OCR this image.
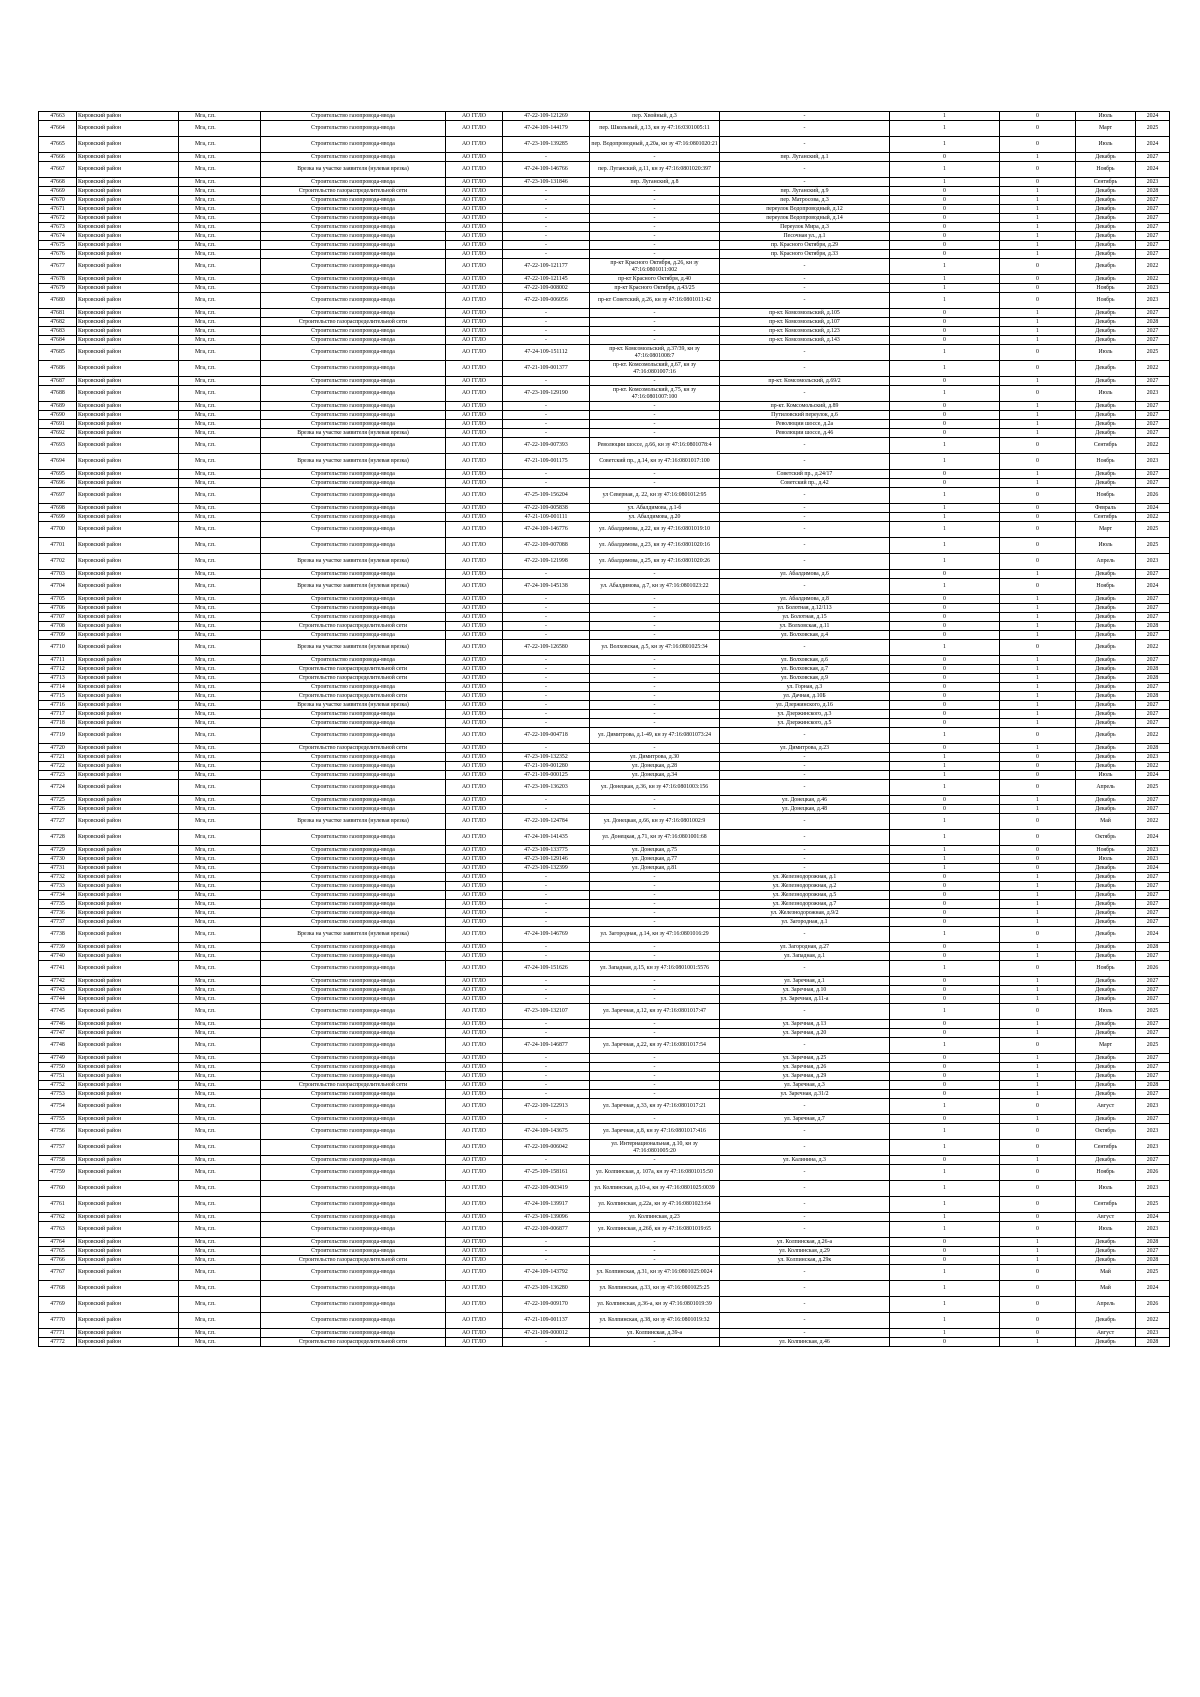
47663	Кировский район	Мгa, г.п.	Строительство газопровода-ввода	АО ГГЛО	47-22-109-121269	пер. Хвойный, д.3	-	1	0	Июль	2024
47664	Кировский район	Мгa, г.п.	Строительство газопровода-ввода	АО ГГЛО	47-24-109-144179	пер. Школьный, д.13, кн зу 47:16:0301005:11	-	1	0	Март	2025
47665	Кировский район	Мгa, г.п.	Строительство газопровода-ввода	АО ГГЛО	47-23-109-139285	пер. Водопроводный, д.20а, кн зу 47:16:0801020:21	-	1	0	Июль	2024
47666	Кировский район	Мгa, г.п.	Строительство газопровода-ввода	АО ГГЛО	-	-	пер. Луганский, д.1	0	1	Декабрь	2027
47667	Кировский район	Мгa, г.п.	Врезка на участке заявителя (нулевая врезка)	АО ГГЛО	47-24-109-146766	пер. Луганский, д.11, кн зу 47:16:0801020:397	-	1	0	Ноябрь	2024
47668	Кировский район	Мгa, г.п.	Строительство газопровода-ввода	АО ГГЛО	47-23-109-131846	пер. Луганский, д.8	-	1	0	Сентябрь	2023
47669	Кировский район	Мгa, г.п.	Строительство газораспределительной сети	АО ГГЛО	-	-	пер. Луганский, д.9	0	1	Декабрь	2028
47670	Кировский район	Мгa, г.п.	Строительство газопровода-ввода	АО ГГЛО	-	-	пер. Матросова, д.3	0	1	Декабрь	2027
47671	Кировский район	Мгa, г.п.	Строительство газопровода-ввода	АО ГГЛО	-	-	переулок Водопроводный, д.12	0	1	Декабрь	2027
47672	Кировский район	Мгa, г.п.	Строительство газопровода-ввода	АО ГГЛО	-	-	переулок Водопроводный, д.14	0	1	Декабрь	2027
47673	Кировский район	Мгa, г.п.	Строительство газопровода-ввода	АО ГГЛО	-	-	Переулок Мира, д.3	0	1	Декабрь	2027
47674	Кировский район	Мгa, г.п.	Строительство газопровода-ввода	АО ГГЛО	-	-	Песочная ул., д.1	0	1	Декабрь	2027
47675	Кировский район	Мгa, г.п.	Строительство газопровода-ввода	АО ГГЛО	-	-	пр. Красного Октября, д.29	0	1	Декабрь	2027
47676	Кировский район	Мгa, г.п.	Строительство газопровода-ввода	АО ГГЛО	-	-	пр. Красного Октября, д.33	0	1	Декабрь	2027
47677	Кировский район	Мгa, г.п.	Строительство газопровода-ввода	АО ГГЛО	47-22-109-121177	пр-кт Красного Октября, д.26, кн зу 47:16:0801011:002	-	1	0	Декабрь	2022
47678	Кировский район	Мгa, г.п.	Строительство газопровода-ввода	АО ГГЛО	47-22-109-121145	пр-кт Красного Октября, д.40	-	1	0	Декабрь	2022
47679	Кировский район	Мгa, г.п.	Строительство газопровода-ввода	АО ГГЛО	47-22-109-008002	пр-кт Красного Октября, д.43/25	-	1	0	Ноябрь	2023
47680	Кировский район	Мгa, г.п.	Строительство газопровода-ввода	АО ГГЛО	47-22-109-006056	пр-кт Советский, д.26, кн зу 47:16:0801011:42	-	1	0	Ноябрь	2023
47681	Кировский район	Мгa, г.п.	Строительство газопровода-ввода	АО ГГЛО	-	-	пр-кт. Комсомольский, д.105	0	1	Декабрь	2027
47682	Кировский район	Мгa, г.п.	Строительство газораспределительной сети	АО ГГЛО	-	-	пр-кт. Комсомольский, д.107	0	1	Декабрь	2028
47683	Кировский район	Мгa, г.п.	Строительство газопровода-ввода	АО ГГЛО	-	-	пр-кт. Комсомольский, д.123	0	1	Декабрь	2027
47684	Кировский район	Мгa, г.п.	Строительство газопровода-ввода	АО ГГЛО	-	-	пр-кт. Комсомольский, д.143	0	1	Декабрь	2027
47685	Кировский район	Мгa, г.п.	Строительство газопровода-ввода	АО ГГЛО	47-24-109-151112	пр-кт. Комсомольский, д.37/39, кн зу 47:16:0801008:7	-	1	0	Июль	2025
47686	Кировский район	Мгa, г.п.	Строительство газопровода-ввода	АО ГГЛО	47-21-109-001377	пр-кт. Комсомольский, д.67, кн зу 47:16:0801007:16	-	1	0	Декабрь	2022
47687	Кировский район	Мгa, г.п.	Строительство газопровода-ввода	АО ГГЛО	-	-	пр-кт. Комсомольский, д.69/2	0	1	Декабрь	2027
47688	Кировский район	Мгa, г.п.	Строительство газопровода-ввода	АО ГГЛО	47-23-109-129190	пр-кт. Комсомольский, д.75, кн зу 47:16:0801007:100	-	1	0	Июль	2023
47689	Кировский район	Мгa, г.п.	Строительство газопровода-ввода	АО ГГЛО	-	-	пр-кт. Комсомольский, д.89	0	1	Декабрь	2027
47690	Кировский район	Мгa, г.п.	Строительство газопровода-ввода	АО ГГЛО	-	-	Путиловский переулок, д.6	0	1	Декабрь	2027
47691	Кировский район	Мгa, г.п.	Строительство газопровода-ввода	АО ГГЛО	-	-	Революции шоссе, д.2а	0	1	Декабрь	2027
47692	Кировский район	Мгa, г.п.	Врезка на участке заявителя (нулевая врезка)	АО ГГЛО	-	-	Революции шоссе, д.46	0	1	Декабрь	2027
47693	Кировский район	Мгa, г.п.	Строительство газопровода-ввода	АО ГГЛО	47-22-109-007393	Революции шоссе, д.66, кн зу 47:16:0801078:4	-	1	0	Сентябрь	2022
47694	Кировский район	Мгa, г.п.	Врезка на участке заявителя (нулевая врезка)	АО ГГЛО	47-21-109-001175	Советский пр., д.14, кн зу 47:16:0801017:100	-	1	0	Ноябрь	2023
47695	Кировский район	Мгa, г.п.	Строительство газопровода-ввода	АО ГГЛО	-	-	Советский пр., д.24/17	0	1	Декабрь	2027
47696	Кировский район	Мгa, г.п.	Строительство газопровода-ввода	АО ГГЛО	-	-	Советский пр., д.42	0	1	Декабрь	2027
47697	Кировский район	Мгa, г.п.	Строительство газопровода-ввода	АО ГГЛО	47-25-109-156204	ул Северная, д. 22, кн зу 47:16:0801012:95	-	1	0	Ноябрь	2026
47698	Кировский район	Мгa, г.п.	Строительство газопровода-ввода	АО ГГЛО	47-22-109-005838	ул. Абалдимова, д.1-б	-	1	0	Февраль	2024
47699	Кировский район	Мгa, г.п.	Строительство газопровода-ввода	АО ГГЛО	47-21-109-001111	ул. Абалдимова, д.20	-	1	0	Сентябрь	2022
47700	Кировский район	Мгa, г.п.	Строительство газопровода-ввода	АО ГГЛО	47-24-109-146776	ул. Абалдимова, д.22, кн зу 47:16:0801019:10	-	1	0	Март	2025
47701	Кировский район	Мгa, г.п.	Строительство газопровода-ввода	АО ГГЛО	47-22-109-007088	ул. Абалдимова, д.23, кн зу 47:16:0801020:16	-	1	0	Июль	2025
47702	Кировский район	Мгa, г.п.	Врезка на участке заявителя (нулевая врезка)	АО ГГЛО	47-22-109-121998	ул. Абалдимова, д.25, кн зу 47:16:0801020:26	-	1	0	Апрель	2023
47703	Кировский район	Мгa, г.п.	Строительство газопровода-ввода	АО ГГЛО	-	-	ул. Абалдимова, д.6	0	1	Декабрь	2027
47704	Кировский район	Мгa, г.п.	Врезка на участке заявителя (нулевая врезка)	АО ГГЛО	47-24-109-145138	ул. Абалдимова, д.7, кн зу 47:16:0801023:22	-	1	0	Ноябрь	2024
47705	Кировский район	Мгa, г.п.	Строительство газопровода-ввода	АО ГГЛО	-	-	ул. Абалдимова, д.8	0	1	Декабрь	2027
47706	Кировский район	Мгa, г.п.	Строительство газопровода-ввода	АО ГГЛО	-	-	ул. Болотная, д.12/113	0	1	Декабрь	2027
47707	Кировский район	Мгa, г.п.	Строительство газопровода-ввода	АО ГГЛО	-	-	ул. Болотная, д.15	0	1	Декабрь	2027
47708	Кировский район	Мгa, г.п.	Строительство газораспределительной сети	АО ГГЛО	-	-	ул. Волховская, д.11	0	1	Декабрь	2028
47709	Кировский район	Мгa, г.п.	Строительство газопровода-ввода	АО ГГЛО	-	-	ул. Волховская, д.4	0	1	Декабрь	2027
47710	Кировский район	Мгa, г.п.	Врезка на участке заявителя (нулевая врезка)	АО ГГЛО	47-22-109-126580	ул. Волховская, д.5, кн зу 47:16:0801025:34	-	1	0	Декабрь	2022
47711	Кировский район	Мгa, г.п.	Строительство газопровода-ввода	АО ГГЛО	-	-	ул. Волховская, д.6	0	1	Декабрь	2027
47712	Кировский район	Мгa, г.п.	Строительство газораспределительной сети	АО ГГЛО	-	-	ул. Волховская, д.7	0	1	Декабрь	2028
47713	Кировский район	Мгa, г.п.	Строительство газораспределительной сети	АО ГГЛО	-	-	ул. Волховская, д.9	0	1	Декабрь	2028
47714	Кировский район	Мгa, г.п.	Строительство газопровода-ввода	АО ГГЛО	-	-	ул. Горная, д.3	0	1	Декабрь	2027
47715	Кировский район	Мгa, г.п.	Строительство газораспределительной сети	АО ГГЛО	-	-	ул. Дачная, д.10Б	0	1	Декабрь	2028
47716	Кировский район	Мгa, г.п.	Врезка на участке заявителя (нулевая врезка)	АО ГГЛО	-	-	ул. Дзержинского, д.16	0	1	Декабрь	2027
47717	Кировский район	Мгa, г.п.	Строительство газопровода-ввода	АО ГГЛО	-	-	ул. Дзержинского, д.3	0	1	Декабрь	2027
47718	Кировский район	Мгa, г.п.	Строительство газопровода-ввода	АО ГГЛО	-	-	ул. Дзержинского, д.5	0	1	Декабрь	2027
47719	Кировский район	Мгa, г.п.	Строительство газопровода-ввода	АО ГГЛО	47-22-109-004718	ул. Димитрова, д.1-49, кн зу 47:16:0801073:24	-	1	0	Декабрь	2022
47720	Кировский район	Мгa, г.п.	Строительство газораспределительной сети	АО ГГЛО	-	-	ул. Димитрова, д.23	0	1	Декабрь	2028
47721	Кировский район	Мгa, г.п.	Строительство газопровода-ввода	АО ГГЛО	47-23-109-132352	ул. Димитрова, д.30	-	1	0	Декабрь	2023
47722	Кировский район	Мгa, г.п.	Строительство газопровода-ввода	АО ГГЛО	47-21-109-001280	ул. Донецкая, д.28	-	1	0	Декабрь	2022
47723	Кировский район	Мгa, г.п.	Строительство газопровода-ввода	АО ГГЛО	47-21-109-000125	ул. Донецкая, д.34	-	1	0	Июль	2024
47724	Кировский район	Мгa, г.п.	Строительство газопровода-ввода	АО ГГЛО	47-23-109-136203	ул. Донецкая, д.36, кн зу 47:16:0801003:156	-	1	0	Апрель	2025
47725	Кировский район	Мгa, г.п.	Строительство газопровода-ввода	АО ГГЛО	-	-	ул. Донецкая, д.46	0	1	Декабрь	2027
47726	Кировский район	Мгa, г.п.	Строительство газопровода-ввода	АО ГГЛО	-	-	ул. Донецкая, д.48	0	1	Декабрь	2027
47727	Кировский район	Мгa, г.п.	Врезка на участке заявителя (нулевая врезка)	АО ГГЛО	47-22-109-124784	ул. Донецкая, д.66, кн зу 47:16:0801002:9	-	1	0	Май	2022
47728	Кировский район	Мгa, г.п.	Строительство газопровода-ввода	АО ГГЛО	47-24-109-141435	ул. Донецкая, д.71, кн зу 47:16:0801001:68	-	1	0	Октябрь	2024
47729	Кировский район	Мгa, г.п.	Строительство газопровода-ввода	АО ГГЛО	47-23-109-133775	ул. Донецкая, д.75	-	1	0	Ноябрь	2023
47730	Кировский район	Мгa, г.п.	Строительство газопровода-ввода	АО ГГЛО	47-23-109-129146	ул. Донецкая, д.77	-	1	0	Июль	2023
47731	Кировский район	Мгa, г.п.	Строительство газопровода-ввода	АО ГГЛО	47-23-109-132399	ул. Донецкая, д.81	-	1	0	Декабрь	2024
47732	Кировский район	Мгa, г.п.	Строительство газопровода-ввода	АО ГГЛО	-	-	ул. Железнодорожная, д.1	0	1	Декабрь	2027
47733	Кировский район	Мгa, г.п.	Строительство газопровода-ввода	АО ГГЛО	-	-	ул. Железнодорожная, д.2	0	1	Декабрь	2027
47734	Кировский район	Мгa, г.п.	Строительство газопровода-ввода	АО ГГЛО	-	-	ул. Железнодорожная, д.5	0	1	Декабрь	2027
47735	Кировский район	Мгa, г.п.	Строительство газопровода-ввода	АО ГГЛО	-	-	ул. Железнодорожная, д.7	0	1	Декабрь	2027
47736	Кировский район	Мгa, г.п.	Строительство газопровода-ввода	АО ГГЛО	-	-	ул. Железнодорожная, д.9/2	0	1	Декабрь	2027
47737	Кировский район	Мгa, г.п.	Строительство газопровода-ввода	АО ГГЛО	-	-	ул. Загородная, д.1	0	1	Декабрь	2027
47738	Кировский район	Мгa, г.п.	Врезка на участке заявителя (нулевая врезка)	АО ГГЛО	47-24-109-146769	ул. Загородная, д.14, кн зу 47:16:0801016:29	-	1	0	Декабрь	2024
47739	Кировский район	Мгa, г.п.	Строительство газопровода-ввода	АО ГГЛО	-	-	ул. Загородная, д.27	0	1	Декабрь	2028
47740	Кировский район	Мгa, г.п.	Строительство газопровода-ввода	АО ГГЛО	-	-	ул. Западная, д.1	0	1	Декабрь	2027
47741	Кировский район	Мгa, г.п.	Строительство газопровода-ввода	АО ГГЛО	47-24-109-151626	ул. Западная, д.15, кн зу 47:16:0801001:5576	-	1	0	Ноябрь	2026
47742	Кировский район	Мгa, г.п.	Строительство газопровода-ввода	АО ГГЛО	-	-	ул. Заречная, д.1	0	1	Декабрь	2027
47743	Кировский район	Мгa, г.п.	Строительство газопровода-ввода	АО ГГЛО	-	-	ул. Заречная, д.10	0	1	Декабрь	2027
47744	Кировский район	Мгa, г.п.	Строительство газопровода-ввода	АО ГГЛО	-	-	ул. Заречная, д.11-а	0	1	Декабрь	2027
47745	Кировский район	Мгa, г.п.	Строительство газопровода-ввода	АО ГГЛО	47-23-109-132107	ул. Заречная, д.12, кн зу 47:16:0801017:47	-	1	0	Июль	2025
47746	Кировский район	Мгa, г.п.	Строительство газопровода-ввода	АО ГГЛО	-	-	ул. Заречная, д.13	0	1	Декабрь	2027
47747	Кировский район	Мгa, г.п.	Строительство газопровода-ввода	АО ГГЛО	-	-	ул. Заречная, д.20	0	1	Декабрь	2027
47748	Кировский район	Мгa, г.п.	Строительство газопровода-ввода	АО ГГЛО	47-24-109-146877	ул. Заречная, д.22, кн зу 47:16:0801017:54	-	1	0	Март	2025
47749	Кировский район	Мгa, г.п.	Строительство газопровода-ввода	АО ГГЛО	-	-	ул. Заречная, д.25	0	1	Декабрь	2027
47750	Кировский район	Мгa, г.п.	Строительство газопровода-ввода	АО ГГЛО	-	-	ул. Заречная, д.26	0	1	Декабрь	2027
47751	Кировский район	Мгa, г.п.	Строительство газопровода-ввода	АО ГГЛО	-	-	ул. Заречная, д.29	0	1	Декабрь	2027
47752	Кировский район	Мгa, г.п.	Строительство газораспределительной сети	АО ГГЛО	-	-	ул. Заречная, д.3	0	1	Декабрь	2028
47753	Кировский район	Мгa, г.п.	Строительство газопровода-ввода	АО ГГЛО	-	-	ул. Заречная, д.31/2	0	1	Декабрь	2027
47754	Кировский район	Мгa, г.п.	Строительство газопровода-ввода	АО ГГЛО	47-22-109-122913	ул. Заречная, д.33, кн зу 47:16:0801017:21	-	1	0	Август	2023
47755	Кировский район	Мгa, г.п.	Строительство газопровода-ввода	АО ГГЛО	-	-	ул. Заречная, д.7	0	1	Декабрь	2027
47756	Кировский район	Мгa, г.п.	Строительство газопровода-ввода	АО ГГЛО	47-24-109-143675	ул. Заречная, д.8, кн зу 47:16:0801017:416	-	1	0	Октябрь	2023
47757	Кировский район	Мгa, г.п.	Строительство газопровода-ввода	АО ГГЛО	47-22-109-006042	ул. Интернациональная, д.10, кн зу 47:16:0801005:20	-	1	0	Сентябрь	2023
47758	Кировский район	Мгa, г.п.	Строительство газопровода-ввода	АО ГГЛО	-	-	ул. Калинина, д.3	0	1	Декабрь	2027
47759	Кировский район	Мгa, г.п.	Строительство газопровода-ввода	АО ГГЛО	47-25-109-158161	ул. Колпинская, д. 107а, кн зу 47:16:0801015:50	-	1	0	Ноябрь	2026
47760	Кировский район	Мгa, г.п.	Строительство газопровода-ввода	АО ГГЛО	47-22-109-003419	ул. Колпинская, д.10-а, кн зу 47:16:0801025:0039	-	1	0	Июль	2023
47761	Кировский район	Мгa, г.п.	Строительство газопровода-ввода	АО ГГЛО	47-24-109-139917	ул. Колпинская, д.22а, кн зу 47:16:0801023:64	-	1	0	Сентябрь	2025
47762	Кировский район	Мгa, г.п.	Строительство газопровода-ввода	АО ГГЛО	47-23-109-139096	ул. Колпинская, д.23	-	1	0	Август	2024
47763	Кировский район	Мгa, г.п.	Строительство газопровода-ввода	АО ГГЛО	47-22-109-006877	ул. Колпинская, д.26б, кн зу 47:16:0801019:65	-	1	0	Июль	2023
47764	Кировский район	Мгa, г.п.	Строительство газопровода-ввода	АО ГГЛО	-	-	ул. Колпинская, д.26-а	0	1	Декабрь	2028
47765	Кировский район	Мгa, г.п.	Строительство газопровода-ввода	АО ГГЛО	-	-	ул. Колпинская, д.29	0	1	Декабрь	2027
47766	Кировский район	Мгa, г.п.	Строительство газораспределительной сети	АО ГГЛО	-	-	ул. Колпинская, д.29к	0	1	Декабрь	2028
47767	Кировский район	Мгa, г.п.	Строительство газопровода-ввода	АО ГГЛО	47-24-109-143792	ул. Колпинская, д.31, кн зу 47:16:0801025:0024	-	1	0	Май	2025
47768	Кировский район	Мгa, г.п.	Строительство газопровода-ввода	АО ГГЛО	47-23-109-136280	ул. Колпинская, д.33, кн зу 47:16:0801025:25	-	1	0	Май	2024
47769	Кировский район	Мгa, г.п.	Строительство газопровода-ввода	АО ГГЛО	47-22-109-009170	ул. Колпинская, д.36-а, кн зу 47:16:0801019:39	-	1	0	Апрель	2026
47770	Кировский район	Мгa, г.п.	Строительство газопровода-ввода	АО ГГЛО	47-21-109-001137	ул. Колпинская, д.38, кн зу 47:16:0801019:32	-	1	0	Декабрь	2022
47771	Кировский район	Мгa, г.п.	Строительство газопровода-ввода	АО ГГЛО	47-21-109-000012	ул. Колпинская, д.39-а	-	1	0	Август	2023
47772	Кировский район	Мгa, г.п.	Строительство газораспределительной сети	АО ГГЛО	-	-	ул. Колпинская, д.46	0	1	Декабрь	2028
